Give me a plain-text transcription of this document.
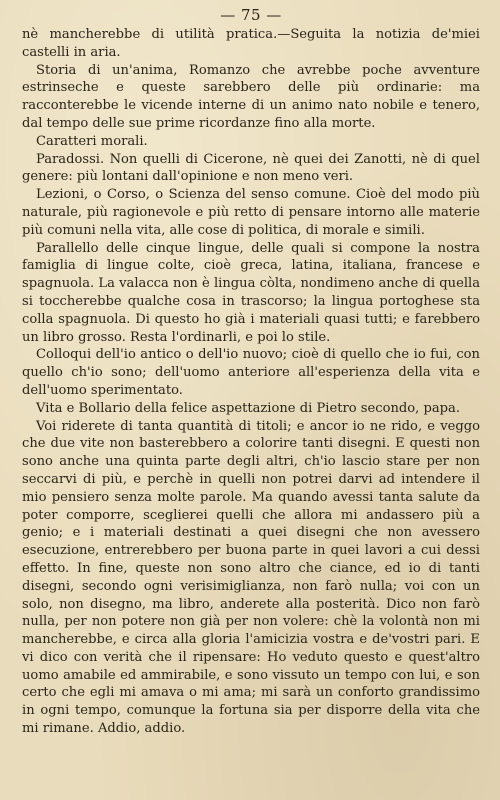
— 75 —

nè mancherebbe di utilità pratica.—Seguita la notizia de'miei castelli in aria.

Storia di un'anima, Romanzo che avrebbe poche avventure estrinseche e queste sarebbero delle più ordinarie: ma racconterebbe le vicende interne di un animo nato nobile e tenero, dal tempo delle sue prime ricordanze fino alla morte.

Caratteri morali.

Paradossi. Non quelli di Cicerone, nè quei dei Zanotti, nè di quel genere: più lontani dall'opinione e non meno veri.

Lezioni, o Corso, o Scienza del senso comune. Cioè del modo più naturale, più ragionevole e più retto di pensare intorno alle materie più comuni nella vita, alle cose di politica, di morale e simili.

Parallello delle cinque lingue, delle quali si compone la nostra famiglia di lingue colte, cioè greca, latina, italiana, francese e spagnuola. La valacca non è lingua còlta, nondimeno anche di quella si toccherebbe qualche cosa in trascorso; la lingua portoghese sta colla spagnuola. Di questo ho già i materiali quasi tutti; e farebbero un libro grosso. Resta l'ordinarli, e poi lo stile.

Colloqui dell'io antico o dell'io nuovo; cioè di quello che io fui, con quello ch'io sono; dell'uomo anteriore all'esperienza della vita e dell'uomo sperimentato.

Vita e Bollario della felice aspettazione di Pietro secondo, papa.

Voi riderete di tanta quantità di titoli; e ancor io ne rido, e veggo che due vite non basterebbero a colorire tanti disegni. E questi non sono anche una quinta parte degli altri, ch'io lascio stare per non seccarvi di più, e perchè in quelli non potrei darvi ad intendere il mio pensiero senza molte parole. Ma quando avessi tanta salute da poter comporre, sceglierei quelli che allora mi andassero più a genio; e i materiali destinati a quei disegni che non avessero esecuzione, entrerebbero per buona parte in quei lavori a cui dessi effetto. In fine, queste non sono altro che ciance, ed io di tanti disegni, secondo ogni verisimiglianza, non farò nulla; voi con un solo, non disegno, ma libro, anderete alla posterità. Dico non farò nulla, per non potere non già per non volere: chè la volontà non mi mancherebbe, e circa alla gloria l'amicizia vostra e de'vostri pari. E vi dico con verità che il ripensare: Ho veduto questo e quest'altro uomo amabile ed ammirabile, e sono vissuto un tempo con lui, e son certo che egli mi amava o mi ama; mi sarà un conforto grandissimo in ogni tempo, comunque la fortuna sia per disporre della vita che mi rimane. Addio, addio.
